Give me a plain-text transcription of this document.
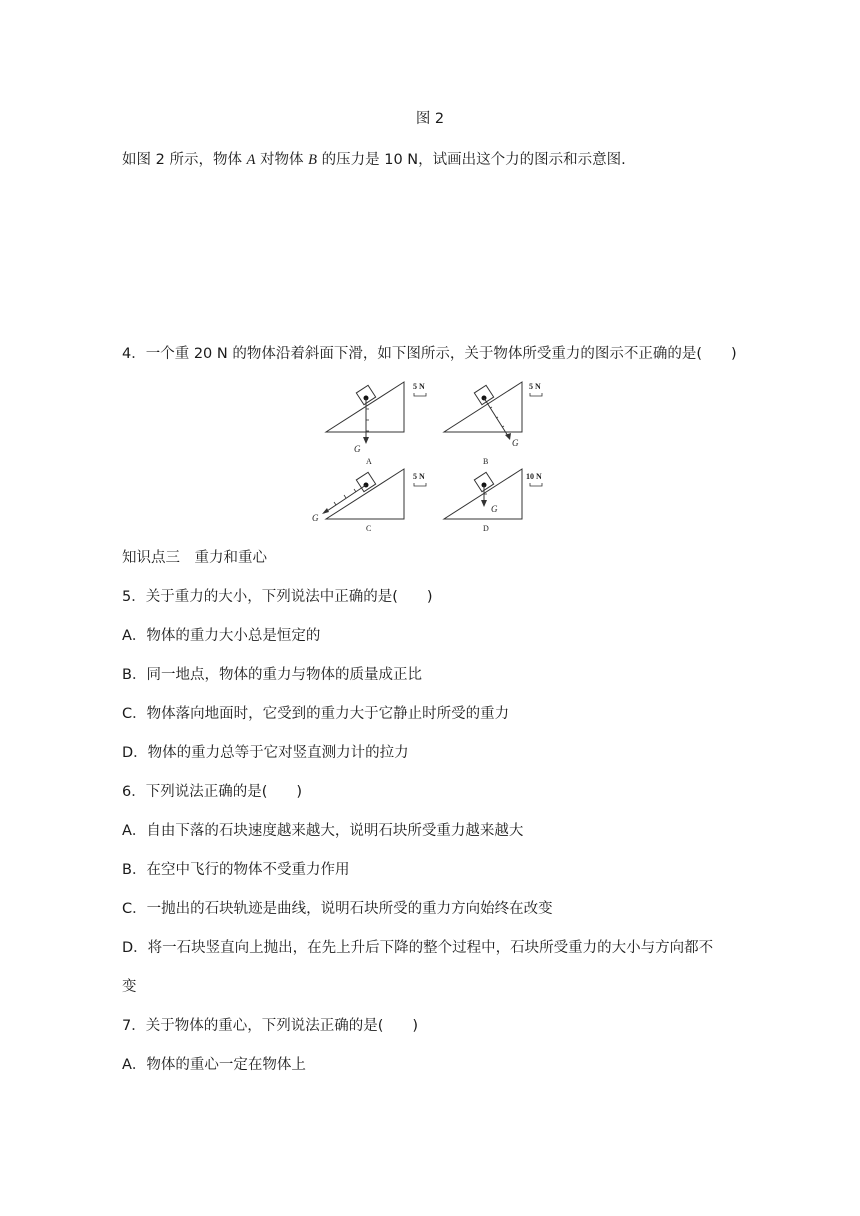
图 2
如图 2 所示，物体 A 对物体 B 的压力是 10 N，试画出这个力的图示和示意图.
4．一个重 20 N 的物体沿着斜面下滑，如下图所示，关于物体所受重力的图示不正确的是(　　)
G
A
5 N
G
B
5 N
G
C
5 N
G
D
10 N
知识点三　重力和重心
5．关于重力的大小，下列说法中正确的是(　　)
A．物体的重力大小总是恒定的
B．同一地点，物体的重力与物体的质量成正比
C．物体落向地面时，它受到的重力大于它静止时所受的重力
D．物体的重力总等于它对竖直测力计的拉力
6．下列说法正确的是(　　)
A．自由下落的石块速度越来越大，说明石块所受重力越来越大
B．在空中飞行的物体不受重力作用
C．一抛出的石块轨迹是曲线，说明石块所受的重力方向始终在改变
D．将一石块竖直向上抛出，在先上升后下降的整个过程中，石块所受重力的大小与方向都不
变
7．关于物体的重心，下列说法正确的是(　　)
A．物体的重心一定在物体上
